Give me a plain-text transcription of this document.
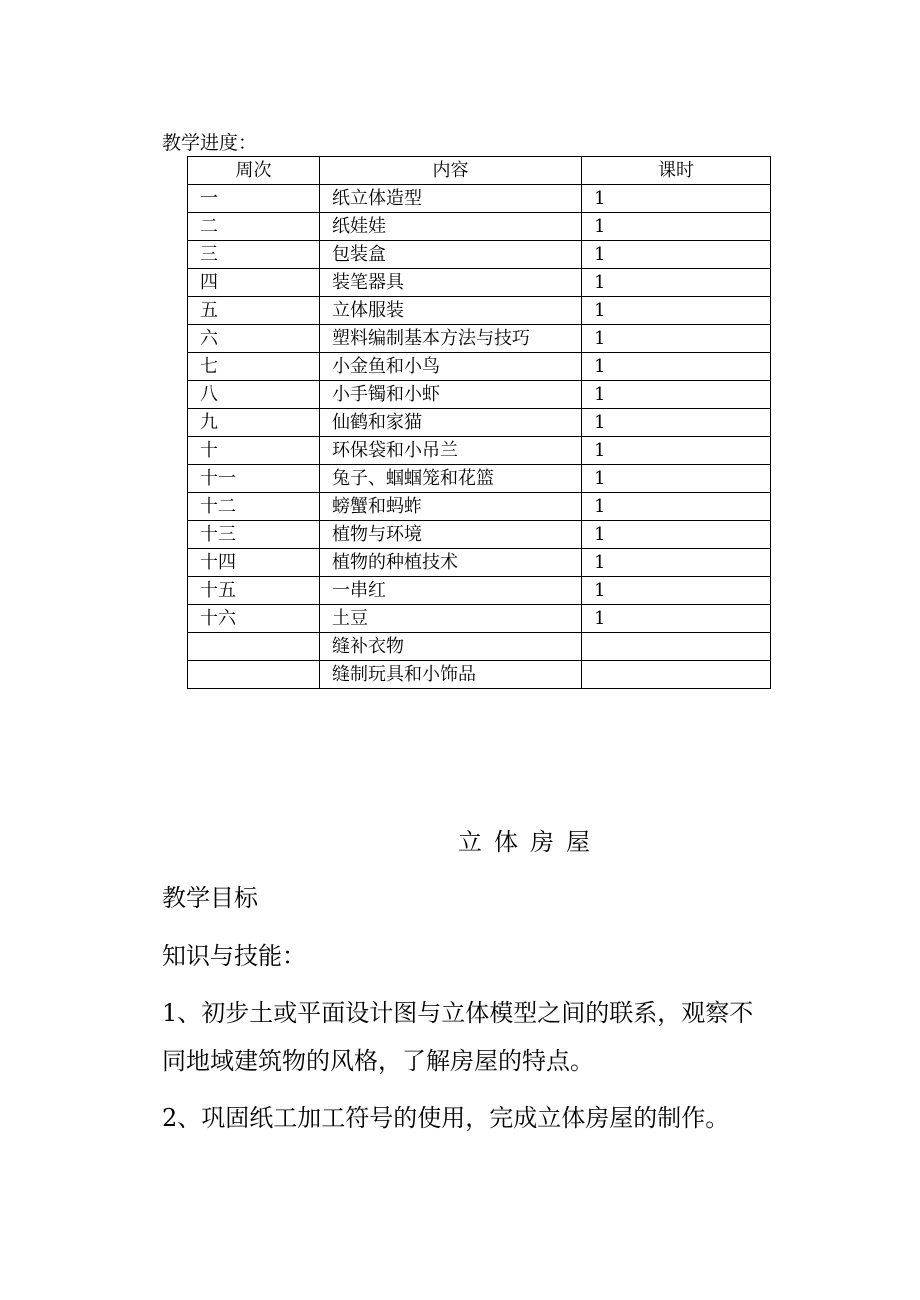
教学进度：
周次	内容	课时
一	纸立体造型	1
二	纸娃娃	1
三	包装盒	1
四	装笔器具	1
五	立体服装	1
六	塑料编制基本方法与技巧	1
七	小金鱼和小鸟	1
八	小手镯和小虾	1
九	仙鹤和家猫	1
十	环保袋和小吊兰	1
十一	兔子、蝈蝈笼和花篮	1
十二	螃蟹和蚂蚱	1
十三	植物与环境	1
十四	植物的种植技术	1
十五	一串红	1
十六	土豆	1
	缝补衣物	
	缝制玩具和小饰品	
立体房屋
教学目标
知识与技能：
1、初步土或平面设计图与立体模型之间的联系，观察不
同地域建筑物的风格，了解房屋的特点。
2、巩固纸工加工符号的使用，完成立体房屋的制作。
